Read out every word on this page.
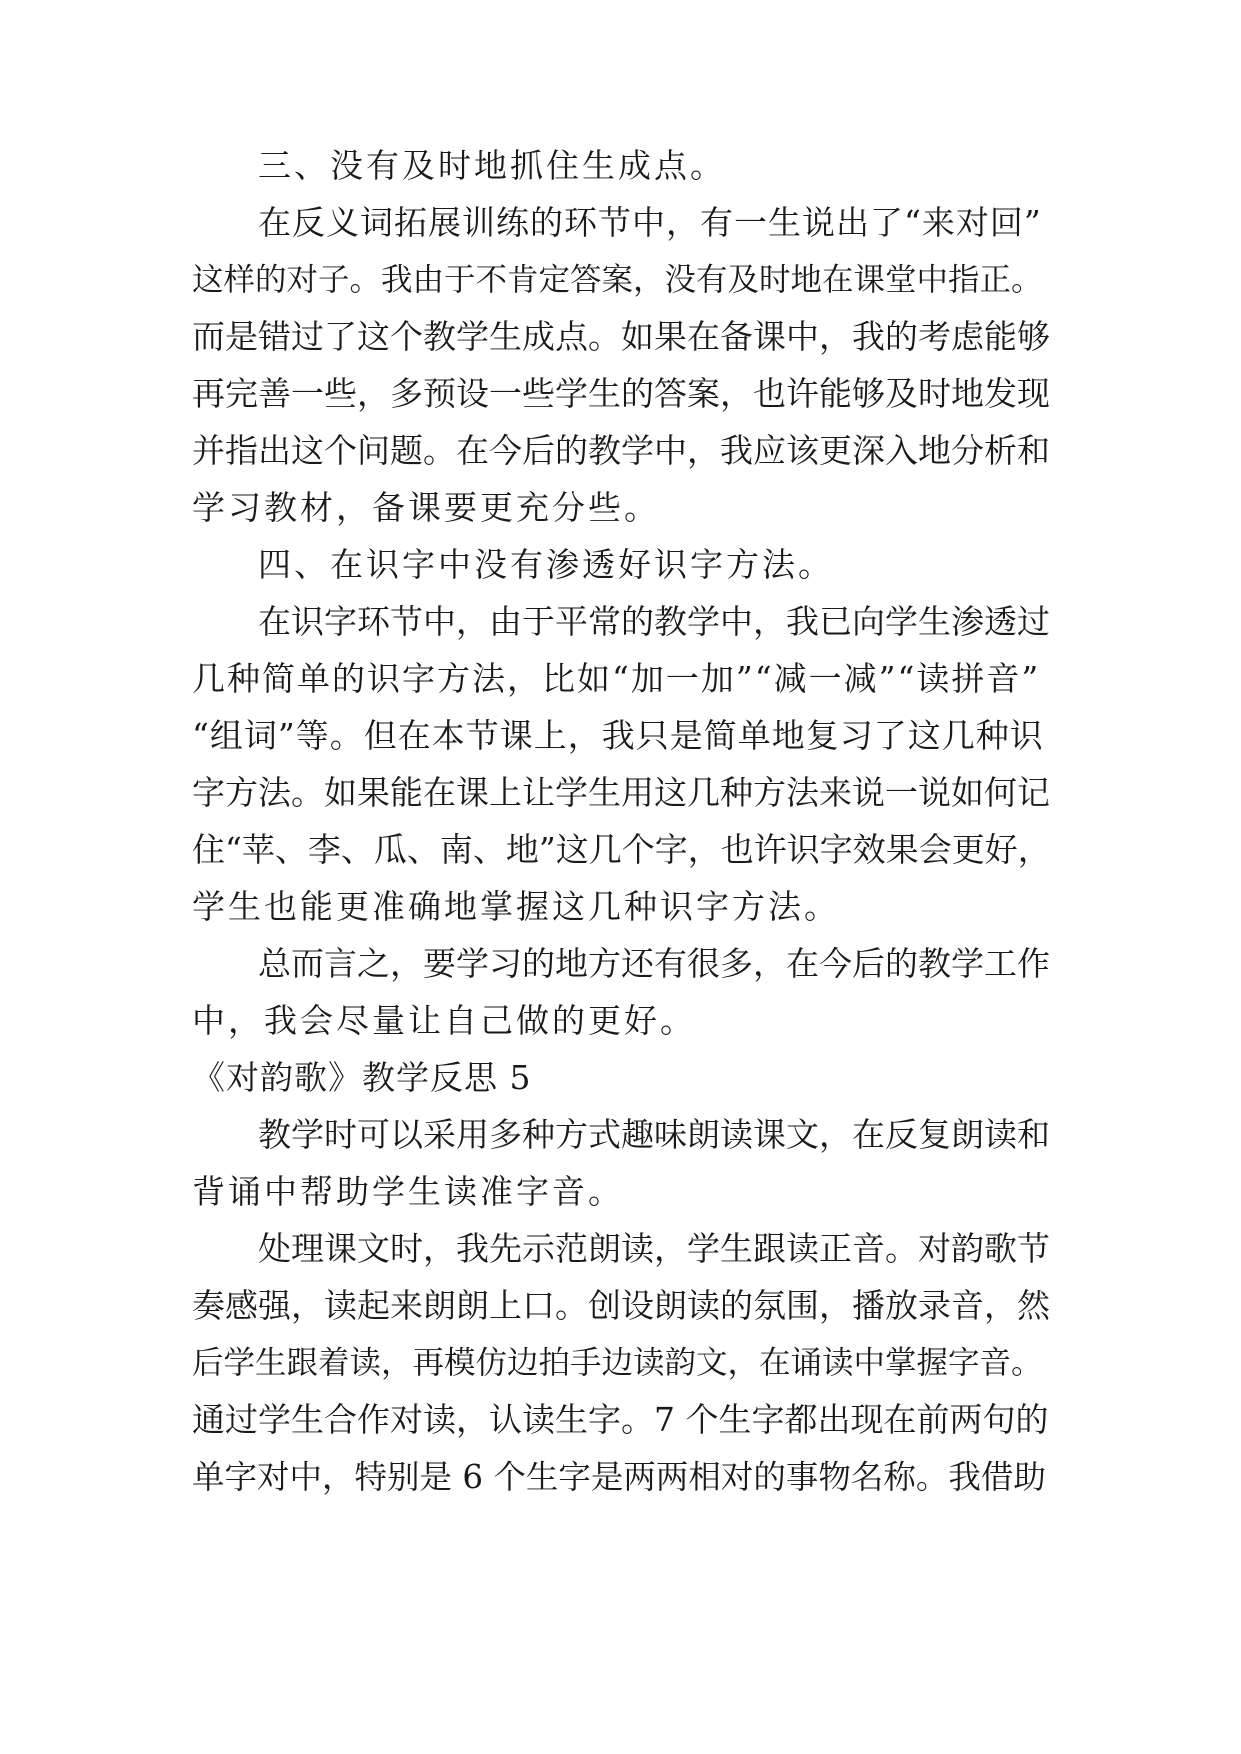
三、没有及时地抓住生成点。
在反义词拓展训练的环节中，有一生说出了“来对回”
这样的对子。我由于不肯定答案，没有及时地在课堂中指正。
而是错过了这个教学生成点。如果在备课中，我的考虑能够
再完善一些，多预设一些学生的答案，也许能够及时地发现
并指出这个问题。在今后的教学中，我应该更深入地分析和
学习教材，备课要更充分些。
四、在识字中没有渗透好识字方法。
在识字环节中，由于平常的教学中，我已向学生渗透过
几种简单的识字方法，比如“加一加”“减一减”“读拼音”
“组词”等。但在本节课上，我只是简单地复习了这几种识
字方法。如果能在课上让学生用这几种方法来说一说如何记
住“苹、李、瓜、南、地”这几个字，也许识字效果会更好，
学生也能更准确地掌握这几种识字方法。
总而言之，要学习的地方还有很多，在今后的教学工作
中，我会尽量让自己做的更好。
《对韵歌》教学反思 5
教学时可以采用多种方式趣味朗读课文，在反复朗读和
背诵中帮助学生读准字音。
处理课文时，我先示范朗读，学生跟读正音。对韵歌节
奏感强，读起来朗朗上口。创设朗读的氛围，播放录音，然
后学生跟着读，再模仿边拍手边读韵文，在诵读中掌握字音。
通过学生合作对读，认读生字。7 个生字都出现在前两句的
单字对中，特别是 6 个生字是两两相对的事物名称。我借助
